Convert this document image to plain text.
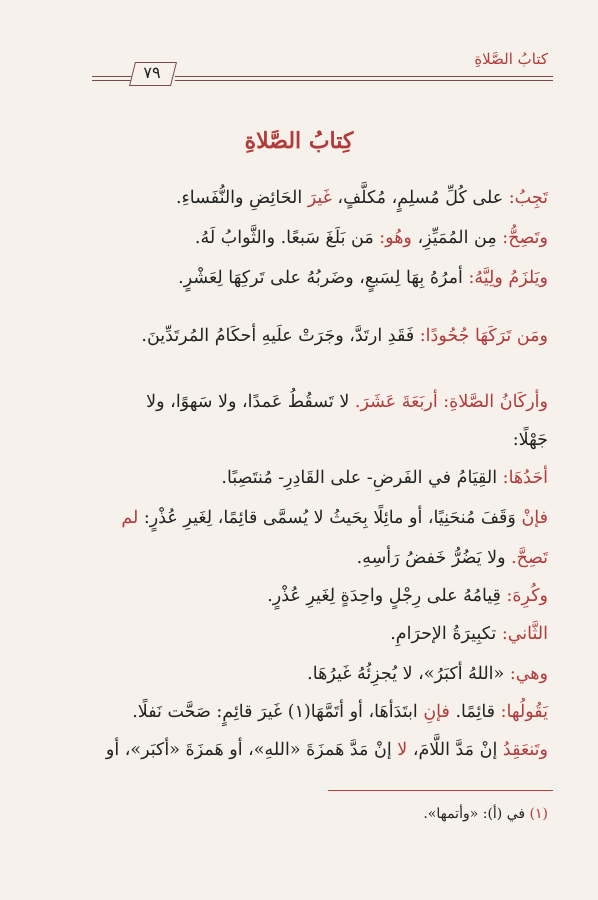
كتابُ الصَّلاةِ
٧٩
كِتابُ الصَّلاةِ
تَجِبُ: على كُلِّ مُسلِمٍ، مُكلَّفٍ، غَيرَ الحَائِضِ والنُّفَساءِ.
وتَصِحُّ: مِن المُمَيِّزِ، وهُو: مَن بَلَغَ سَبعًا. والثَّوابُ لَهُ.
ويَلزَمُ ولِيَّهُ: أمرُهُ بِهَا لِسَبعٍ، وضَربُهُ على تَركِهَا لِعَشْرٍ.
ومَن تَرَكَهَا جُحُودًا: فَقَدِ ارتَدَّ، وجَرَتْ علَيهِ أحكَامُ المُرتَدِّينَ.
وأركَانُ الصَّلاةِ: أربَعَةَ عَشَرَ. لا تَسقُطُ عَمدًا، ولا سَهوًا، ولا
جَهْلًا:
أحَدُهَا: القِيَامُ في الفَرضِ- على القَادِرِ- مُنتَصِبًا.
فإنْ وَقَفَ مُنحَنِيًا، أو مائِلًا بِحَيثُ لا يُسمَّى قائِمًا، لِغَيرِ عُذْرٍ: لم
تَصِحَّ. ولا يَضُرُّ خَفضُ رَأسِهِ.
وكُرِهَ: قِيامُهُ على رِجْلٍ واحِدَةٍ لِغَيرِ عُذْرٍ.
الثَّاني: تكبِيرَةُ الإحرَامِ.
وهي: «اللهُ أكبَرُ»، لا يُجزِئُهُ غَيرُهَا.
يَقُولُها: قائِمًا. فإنِ ابتَدَأهَا، أو أتَمَّهَا(١) غَيرَ قائِمٍ: صَحَّت نَفلًا.
وتَنعَقِدُ إنْ مَدَّ اللَّامَ، لا إنْ مَدَّ هَمزَةَ «اللهِ»، أو هَمزَةَ «أكبَر»، أو
(١) في (أ): «وأتمها».
